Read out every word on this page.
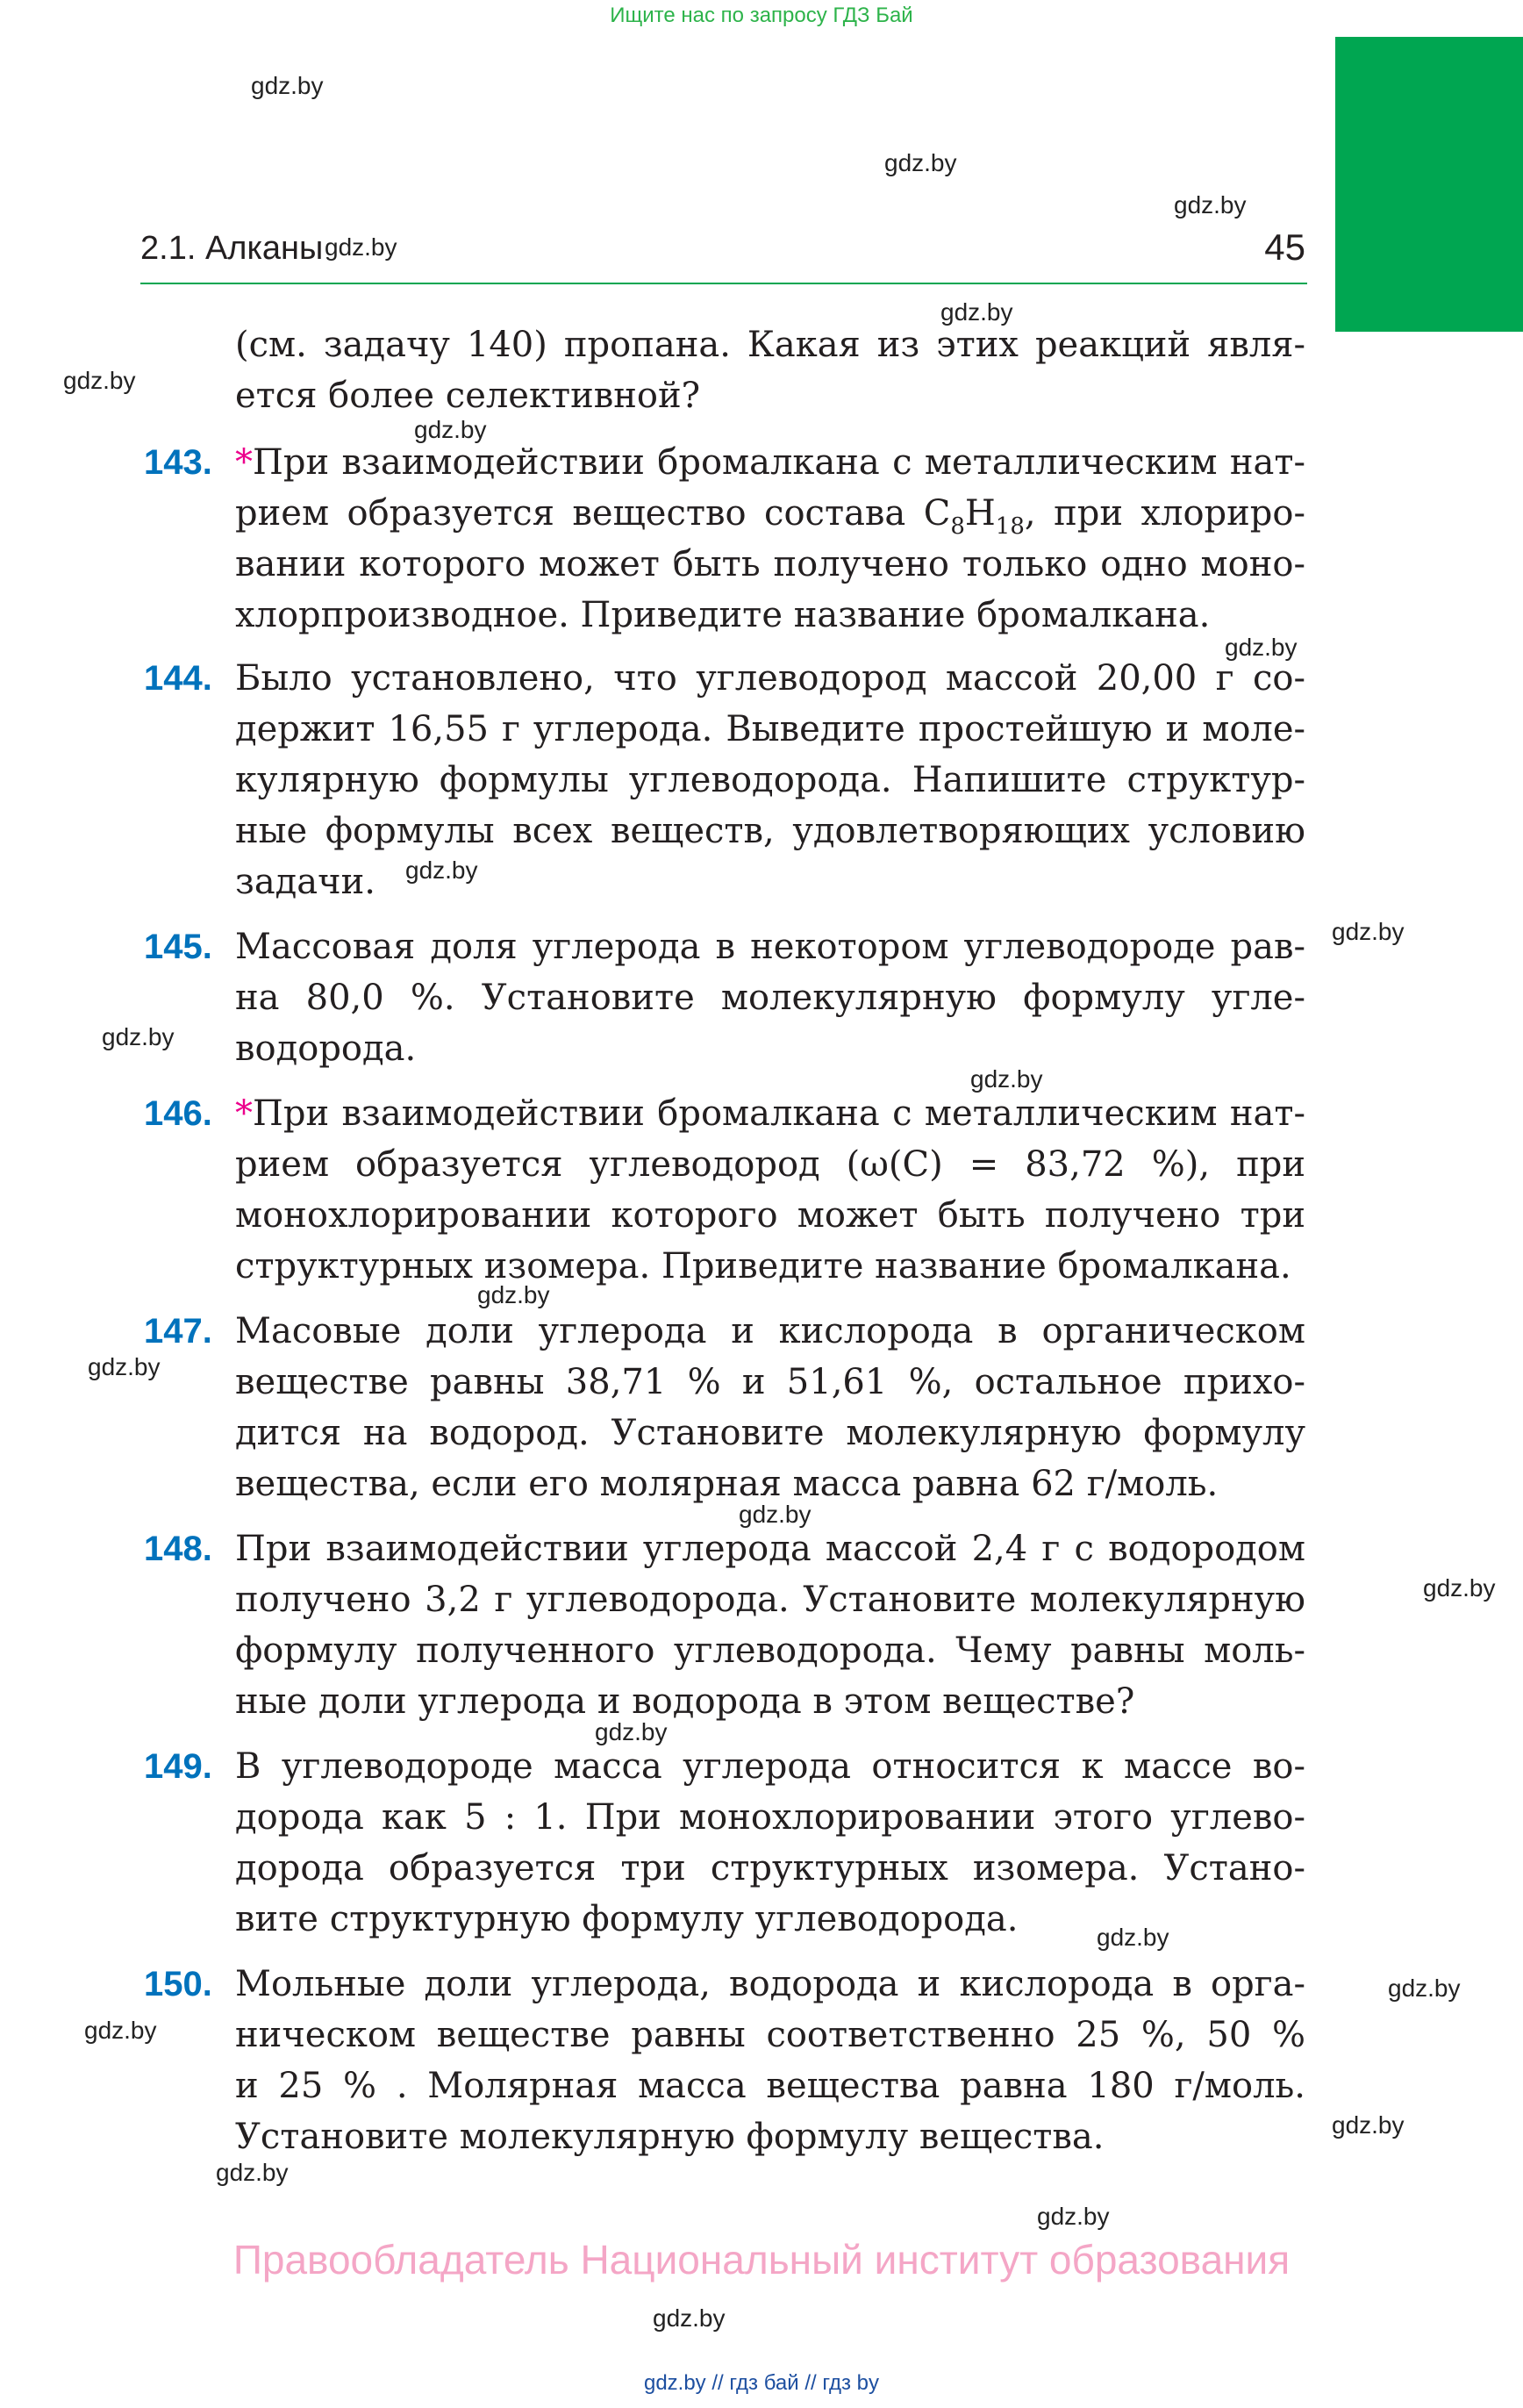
Ищите нас по запросу ГДЗ Бай
2.1. Алканы	45
gdz.by
gdz.by
gdz.by
gdz.by
gdz.by
gdz.by
gdz.by
gdz.by
gdz.by
gdz.by
gdz.by
gdz.by
gdz.by
gdz.by
gdz.by
gdz.by
gdz.by
gdz.by
gdz.by
gdz.by
gdz.by
gdz.by
gdz.by
gdz.by
(см. задачу 140) пропана. Какая из этих реакций явля-
ется более селективной?
143. *При взаимодействии бромалкана с металлическим нат-
рием образуется вещество состава $C_8H_{18}$, при хлориро-
вании которого может быть получено только одно моно-
хлорпроизводное. Приведите название бромалкана.
144. Было установлено, что углеводород массой 20,00 г со-
держит 16,55 г углерода. Выведите простейшую и моле-
кулярную формулы углеводорода. Напишите структур-
ные формулы всех веществ, удовлетворяющих условию
задачи.
145. Массовая доля углерода в некотором углеводороде рав-
на 80,0 %. Установите молекулярную формулу угле-
водорода.
146. *При взаимодействии бромалкана с металлическим нат-
рием образуется углеводород (ω(C) = 83,72 %), при
монохлорировании которого может быть получено три
структурных изомера. Приведите название бромалкана.
147. Масовые доли углерода и кислорода в органическом
веществе равны 38,71 % и 51,61 %, остальное прихо-
дится на водород. Установите молекулярную формулу
вещества, если его молярная масса равна 62 г/моль.
148. При взаимодействии углерода массой 2,4 г с водородом
получено 3,2 г углеводорода. Установите молекулярную
формулу полученного углеводорода. Чему равны моль-
ные доли углерода и водорода в этом веществе?
149. В углеводороде масса углерода относится к массе во-
дорода как 5 : 1. При монохлорировании этого углево-
дорода образуется три структурных изомера. Устано-
вите структурную формулу углеводорода.
150. Мольные доли углерода, водорода и кислорода в орга-
ническом веществе равны соответственно 25 %, 50 %
и 25 % . Молярная масса вещества равна 180 г/моль.
Установите молекулярную формулу вещества.
Правообладатель Национальный институт образования
gdz.by // гдз бай // гдз by
